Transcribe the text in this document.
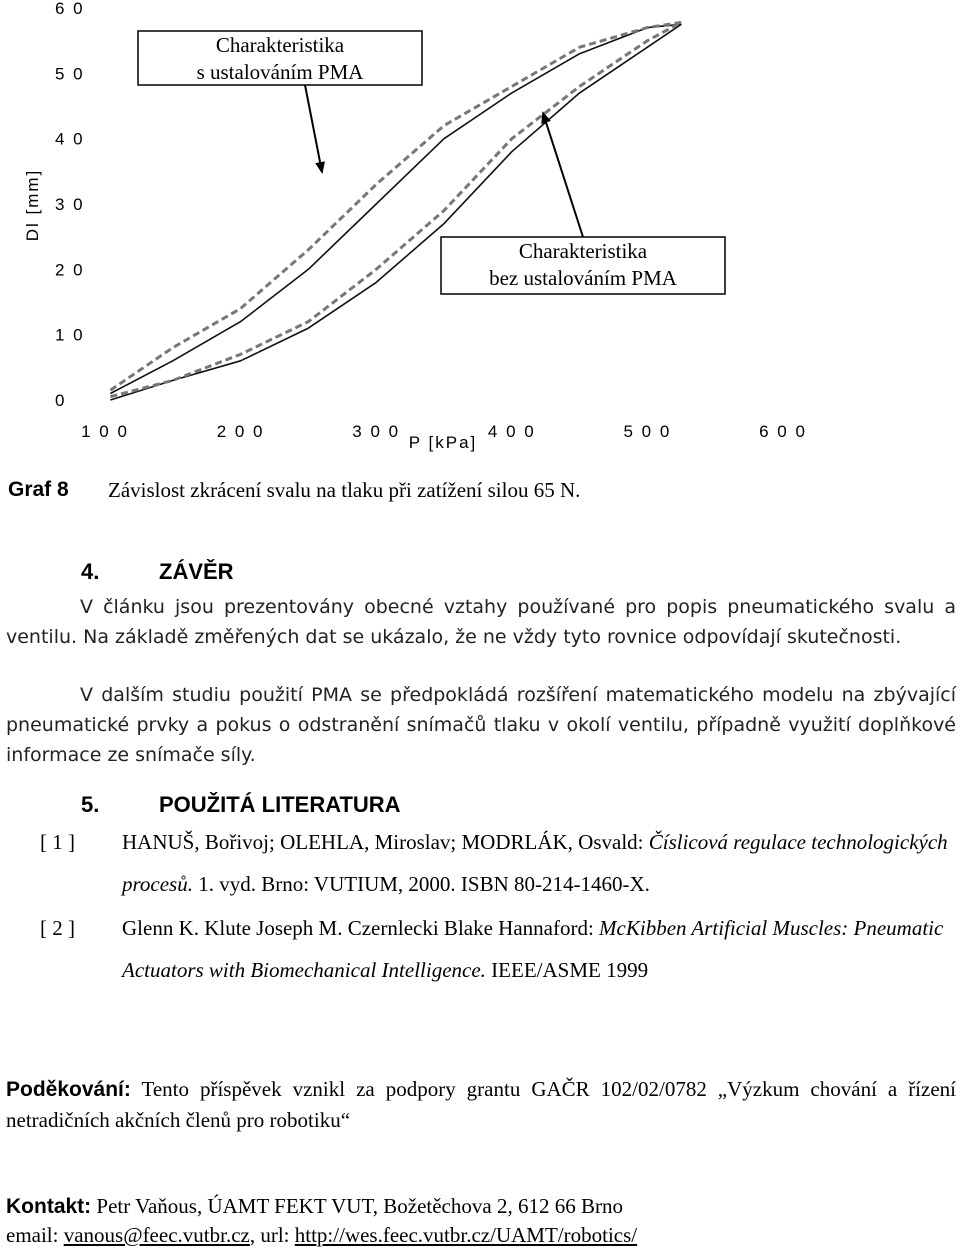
0
1 0
2 0
3 0
4 0
5 0
6 0
1 0 0	2 0 0	3 0 0	4 0 0	5 0 0	6 0 0
Dl [mm]
P [kPa]
Charakteristika
s ustalováním PMA
Charakteristika
bez ustalováním PMA
Graf 8 Závislost zkrácení svalu na tlaku při zatížení silou 65 N.
4.	ZÁVĚR
V článku jsou prezentovány obecné vztahy používané pro popis pneumatického svalu a ventilu. Na základě změřených dat se ukázalo, že ne vždy tyto rovnice odpovídají skutečnosti.
V dalším studiu použití PMA se předpokládá rozšíření matematického modelu na zbývající pneumatické prvky a pokus o odstranění snímačů tlaku v okolí ventilu, případně využití doplňkové informace ze snímače síly.
5.	POUŽITÁ LITERATURA
[ 1 ] HANUŠ, Bořivoj; OLEHLA, Miroslav; MODRLÁK, Osvald: Číslicová regulace technologických procesů. 1. vyd. Brno: VUTIUM, 2000. ISBN 80-214-1460-X.
[ 2 ] Glenn K. Klute Joseph M. Czernlecki Blake Hannaford: McKibben Artificial Muscles: Pneumatic Actuators with Biomechanical Intelligence. IEEE/ASME 1999
Poděkování: Tento příspěvek vznikl za podpory grantu GAČR 102/02/0782 „Výzkum chování a řízení netradičních akčních členů pro robotiku“
Kontakt: Petr Vaňous, ÚAMT FEKT VUT, Božetěchova 2, 612 66 Brno
email: vanous@feec.vutbr.cz, url: http://wes.feec.vutbr.cz/UAMT/robotics/
